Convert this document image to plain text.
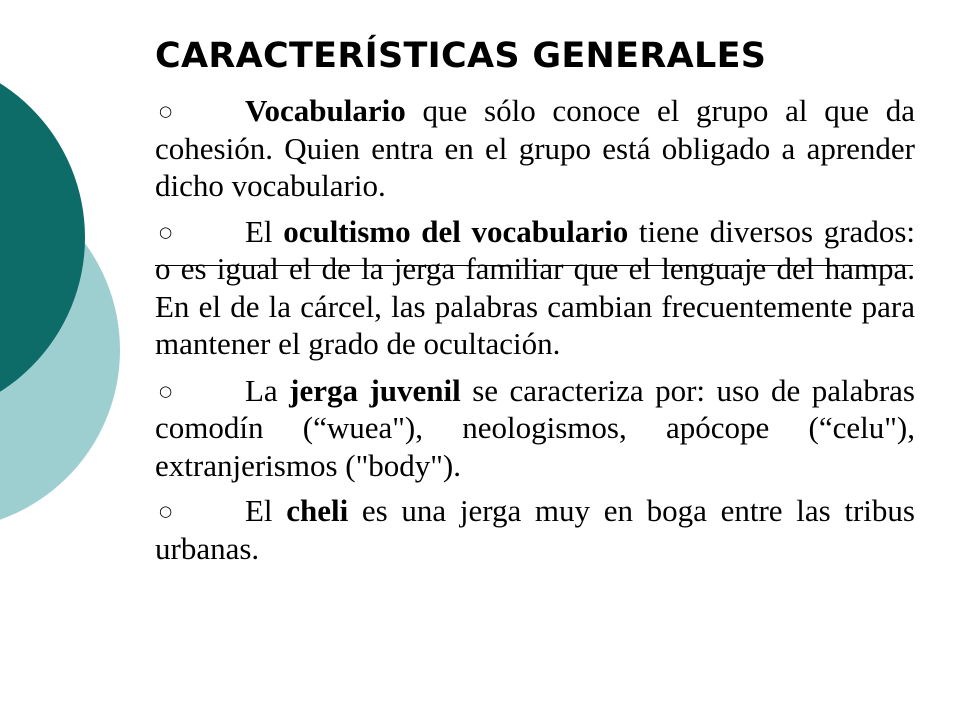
CARACTERÍSTICAS GENERALES

○ Vocabulario que sólo conoce el grupo al que da cohesión. Quien entra en el grupo está obligado a aprender dicho vocabulario.

○ El ocultismo del vocabulario tiene diversos grados: o es igual el de la jerga familiar que el lenguaje del hampa. En el de la cárcel, las palabras cambian frecuentemente para mantener el grado de ocultación.

○ La jerga juvenil se caracteriza por: uso de palabras comodín (“wuea"), neologismos, apócope (“celu"), extranjerismos ("body").

○ El cheli es una jerga muy en boga entre las tribus urbanas.
